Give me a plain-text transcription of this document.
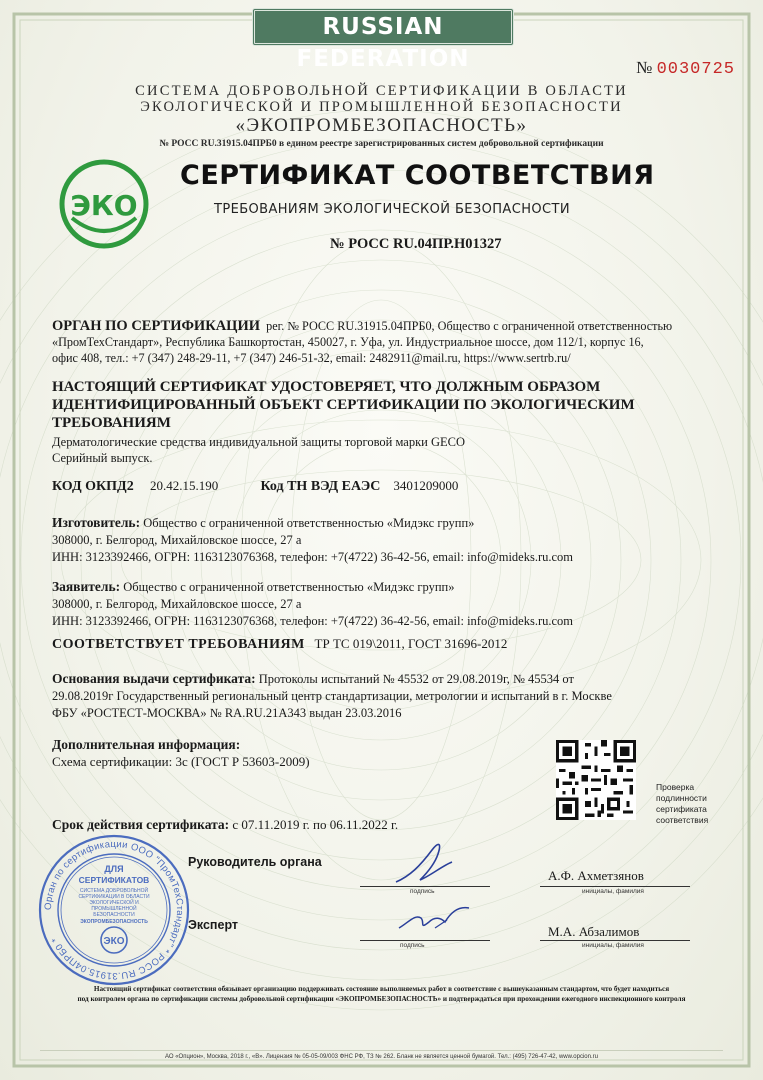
RUSSIAN FEDERATION	№ 0030725
СИСТЕМА ДОБРОВОЛЬНОЙ СЕРТИФИКАЦИИ В ОБЛАСТИ
ЭКОЛОГИЧЕСКОЙ И ПРОМЫШЛЕННОЙ БЕЗОПАСНОСТИ
«ЭКОПРОМБЕЗОПАСНОСТЬ»
№ РОСС RU.31915.04ПРБ0 в едином реестре зарегистрированных систем добровольной сертификации
ЭКО
СЕРТИФИКАТ СООТВЕТСТВИЯ
ТРЕБОВАНИЯМ ЭКОЛОГИЧЕСКОЙ БЕЗОПАСНОСТИ
№ РОСС RU.04ПР.Н01327
ОРГАН ПО СЕРТИФИКАЦИИ рег. № РОСС RU.31915.04ПРБ0, Общество с ограниченной ответственностью
«ПромТехСтандарт», Республика Башкортостан, 450027, г. Уфа, ул. Индустриальное шоссе, дом 112/1, корпус 16,
офис 408, тел.: +7 (347) 248-29-11, +7 (347) 246-51-32, email: 2482911@mail.ru, https://www.sertrb.ru/
НАСТОЯЩИЙ СЕРТИФИКАТ УДОСТОВЕРЯЕТ, ЧТО ДОЛЖНЫМ ОБРАЗОМ
ИДЕНТИФИЦИРОВАННЫЙ ОБЪЕКТ СЕРТИФИКАЦИИ ПО ЭКОЛОГИЧЕСКИМ
ТРЕБОВАНИЯМ
Дерматологические средства индивидуальной защиты торговой марки GECO
Серийный выпуск.
КОД ОКПД2 20.42.15.190	Код ТН ВЭД ЕАЭС 3401209000
Изготовитель: Общество с ограниченной ответственностью «Мидэкс групп»
308000, г. Белгород, Михайловское шоссе, 27 а
ИНН: 3123392466, ОГРН: 1163123076368, телефон: +7(4722) 36-42-56, email: info@mideks.ru.com
Заявитель: Общество с ограниченной ответственностью «Мидэкс групп»
308000, г. Белгород, Михайловское шоссе, 27 а
ИНН: 3123392466, ОГРН: 1163123076368, телефон: +7(4722) 36-42-56, email: info@mideks.ru.com
СООТВЕТСТВУЕТ ТРЕБОВАНИЯМ ТР ТС 019\2011, ГОСТ 31696-2012
Основания выдачи сертификата: Протоколы испытаний № 45532 от 29.08.2019г, № 45534 от
29.08.2019г Государственный региональный центр стандартизации, метрологии и испытаний в г. Москве
ФБУ «РОСТЕСТ-МОСКВА» № RA.RU.21А343 выдан 23.03.2016
Дополнительная информация:
Схема сертификации: 3с (ГОСТ Р 53603-2009)
Проверка
подлинности
сертификата
соответствия
Срок действия сертификата: с 07.11.2019 г. по 06.11.2022 г.
Орган по сертификации ООО "ПромТехСтандарт" * РОСС RU.31915.04ПРБ0 *
ДЛЯ
СЕРТИФИКАТОВ
СИСТЕМА ДОБРОВОЛЬНОЙ
СЕРТИФИКАЦИИ В ОБЛАСТИ
ЭКОЛОГИЧЕСКОЙ И
ПРОМЫШЛЕННОЙ
БЕЗОПАСНОСТИ
ЭКОПРОМБЕЗОПАСНОСТЬ
ЭКО
Руководитель органа
Эксперт
подпись
А.Ф. Ахметзянов
инициалы, фамилия
подпись
М.А. Абзалимов
инициалы, фамилия
Настоящий сертификат соответствия обязывает организацию поддерживать состояние выполняемых работ в соответствие с вышеуказанным стандартом, что будет находиться
под контролем органа по сертификации системы добровольной сертификации «ЭКОПРОМБЕЗОПАСНОСТЬ» и подтверждаться при прохождении ежегодного инспекционного контроля
АО «Опцион», Москва, 2018 г., «В». Лицензия № 05-05-09/003 ФНС РФ, ТЗ № 262. Бланк не является ценной бумагой. Тел.: (495) 726-47-42, www.opcion.ru
